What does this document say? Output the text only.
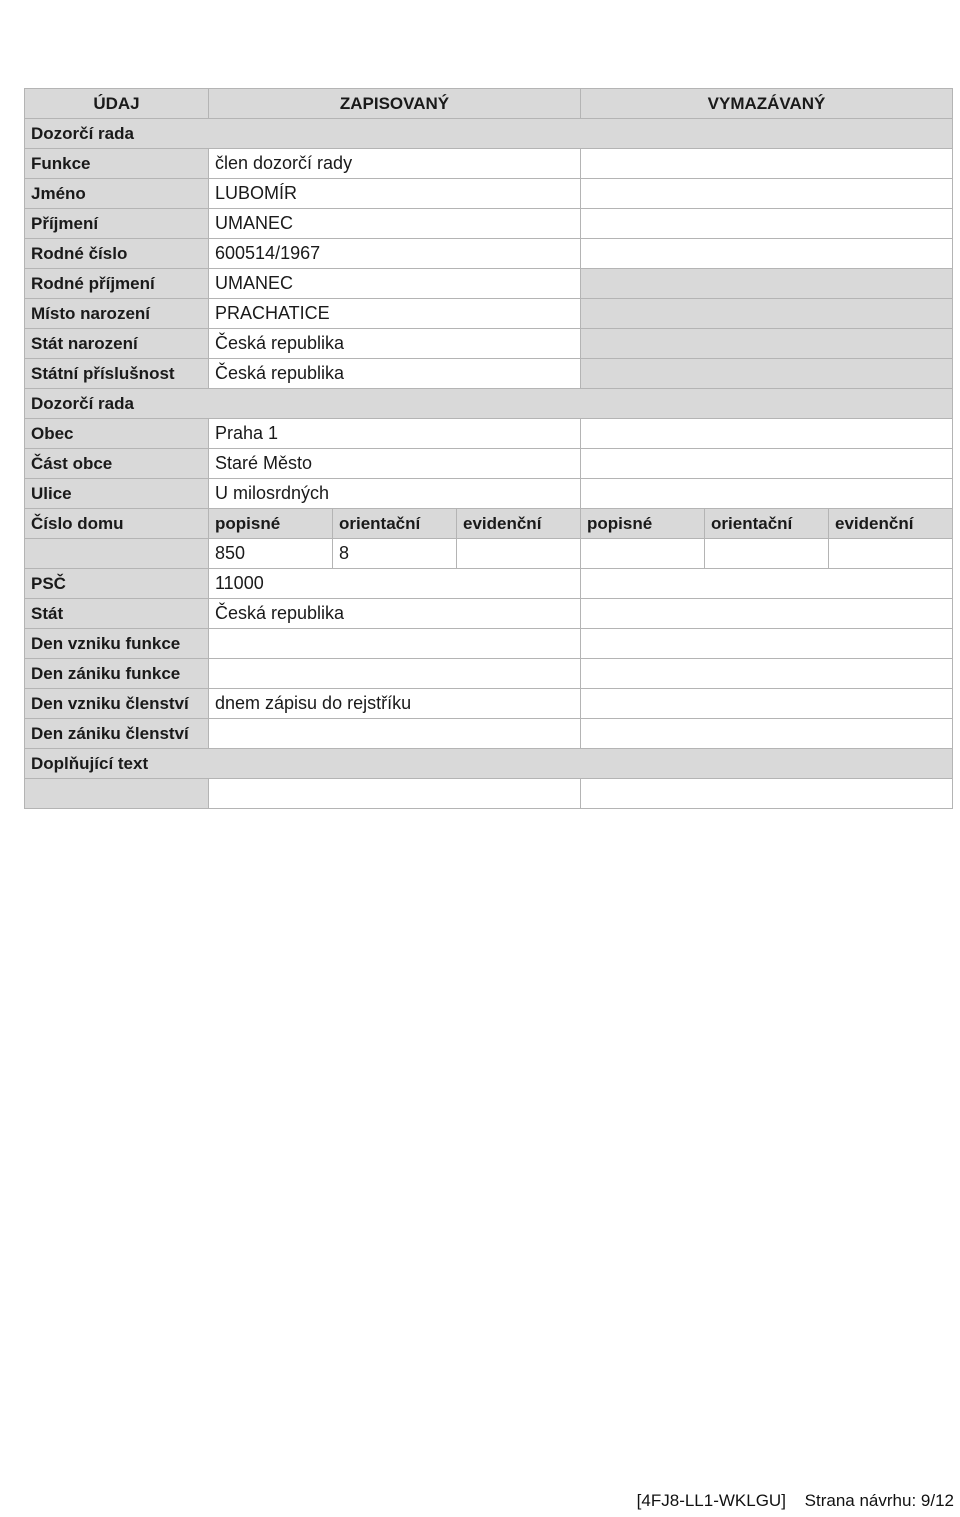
ÚDAJ	ZAPISOVANÝ			VYMAZÁVANÝ		
Dozorčí rada						
Funkce	člen dozorčí rady					
Jméno	LUBOMÍR					
Příjmení	UMANEC					
Rodné číslo	600514/1967					
Rodné příjmení	UMANEC					
Místo narození	PRACHATICE					
Stát narození	Česká republika					
Státní příslušnost	Česká republika					
Dozorčí rada						
Obec	Praha 1					
Část obce	Staré Město					
Ulice	U milosrdných					
Číslo domu	popisné	orientační	evidenční	popisné	orientační	evidenční
	850	8				
PSČ	11000					
Stát	Česká republika					
Den vzniku funkce						
Den zániku funkce						
Den vzniku členství	dnem zápisu do rejstříku					
Den zániku členství						
Doplňující text						

[4FJ8-LL1-WKLGU] Strana návrhu: 9/12
